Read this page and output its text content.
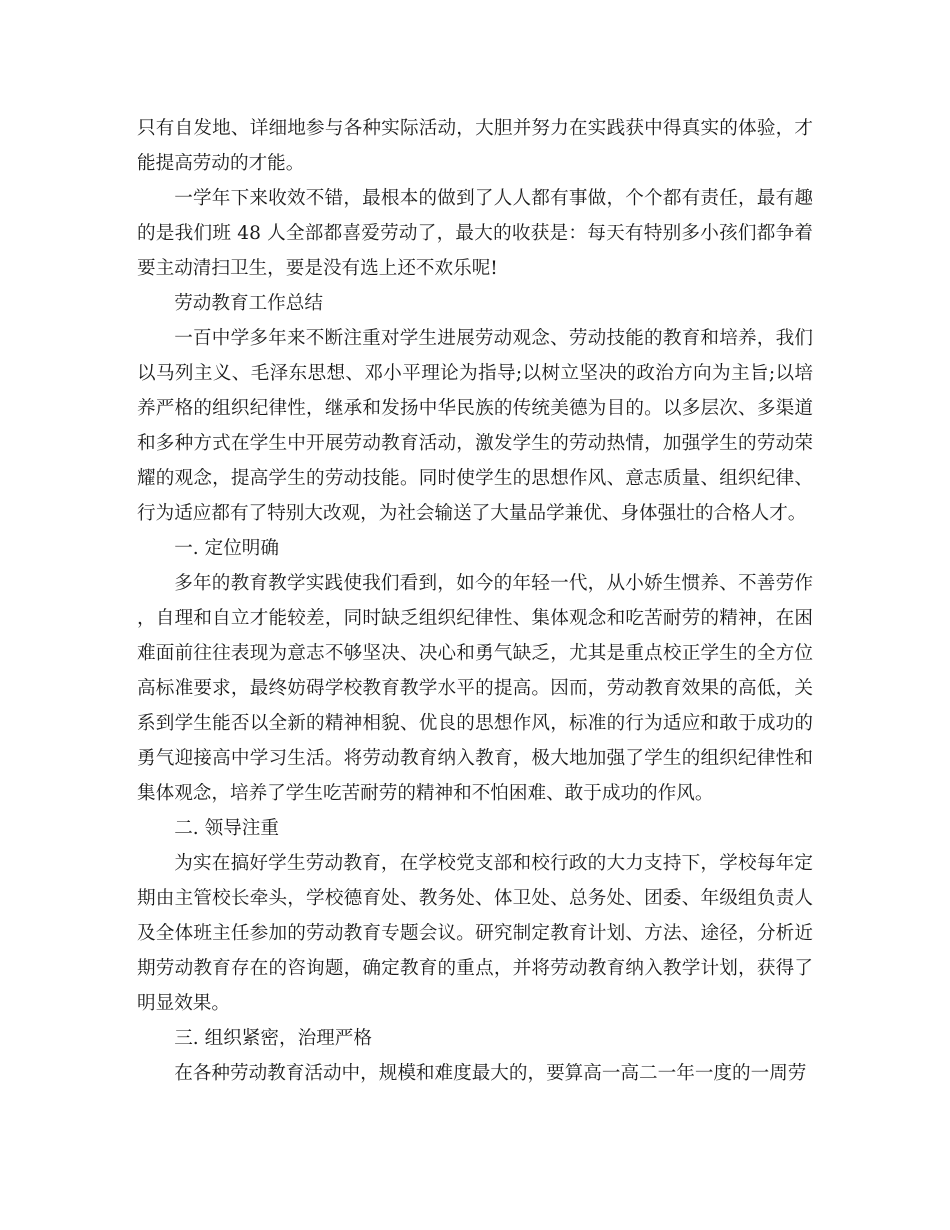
只有自发地、详细地参与各种实际活动，大胆并努力在实践获中得真实的体验，才能提高劳动的才能。

一学年下来收效不错，最根本的做到了人人都有事做，个个都有责任，最有趣的是我们班 48 人全部都喜爱劳动了，最大的收获是：每天有特别多小孩们都争着要主动清扫卫生，要是没有选上还不欢乐呢!

劳动教育工作总结

一百中学多年来不断注重对学生进展劳动观念、劳动技能的教育和培养，我们以马列主义、毛泽东思想、邓小平理论为指导;以树立坚决的政治方向为主旨;以培养严格的组织纪律性，继承和发扬中华民族的传统美德为目的。以多层次、多渠道和多种方式在学生中开展劳动教育活动，激发学生的劳动热情，加强学生的劳动荣耀的观念，提高学生的劳动技能。同时使学生的思想作风、意志质量、组织纪律、行为适应都有了特别大改观，为社会输送了大量品学兼优、身体强壮的合格人才。

一. 定位明确

多年的教育教学实践使我们看到，如今的年轻一代，从小娇生惯养、不善劳作，自理和自立才能较差，同时缺乏组织纪律性、集体观念和吃苦耐劳的精神，在困难面前往往表现为意志不够坚决、决心和勇气缺乏，尤其是重点校正学生的全方位高标准要求，最终妨碍学校教育教学水平的提高。因而，劳动教育效果的高低，关系到学生能否以全新的精神相貌、优良的思想作风，标准的行为适应和敢于成功的勇气迎接高中学习生活。将劳动教育纳入教育，极大地加强了学生的组织纪律性和集体观念，培养了学生吃苦耐劳的精神和不怕困难、敢于成功的作风。

二. 领导注重

为实在搞好学生劳动教育，在学校党支部和校行政的大力支持下，学校每年定期由主管校长牵头，学校德育处、教务处、体卫处、总务处、团委、年级组负责人及全体班主任参加的劳动教育专题会议。研究制定教育计划、方法、途径，分析近期劳动教育存在的咨询题，确定教育的重点，并将劳动教育纳入教学计划，获得了明显效果。

三. 组织紧密，治理严格

在各种劳动教育活动中，规模和难度最大的，要算高一高二一年一度的一周劳
